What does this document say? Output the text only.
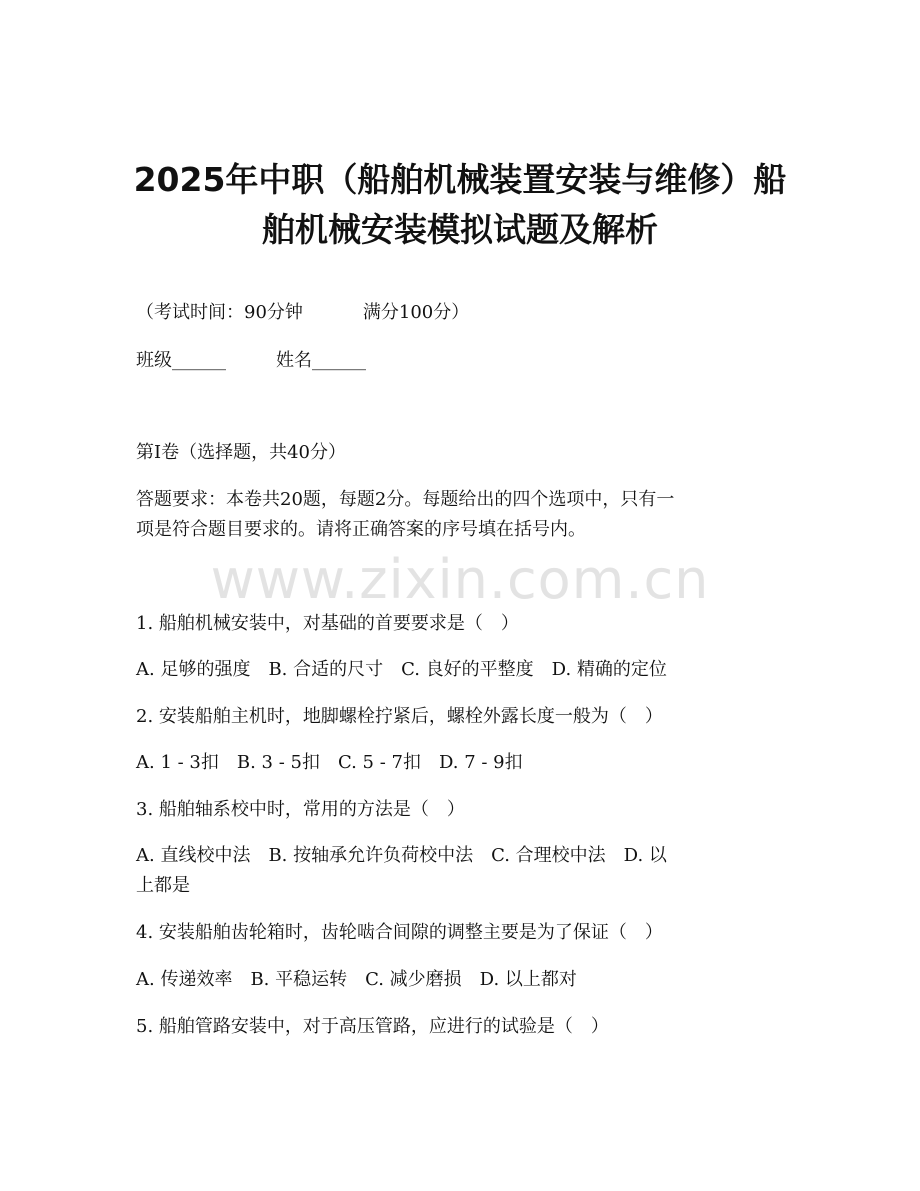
www.zixin.com.cn
2025年中职（船舶机械装置安装与维修）船
舶机械安装模拟试题及解析
（考试时间：90分钟	满分100分）
班级______	姓名______
第I卷（选择题，共40分）
答题要求：本卷共20题，每题2分。每题给出的四个选项中，只有一
项是符合题目要求的。请将正确答案的序号填在括号内。
1. 船舶机械安装中，对基础的首要要求是（　）
A. 足够的强度　B. 合适的尺寸　C. 良好的平整度　D. 精确的定位
2. 安装船舶主机时，地脚螺栓拧紧后，螺栓外露长度一般为（　）
A. 1 - 3扣　B. 3 - 5扣　C. 5 - 7扣　D. 7 - 9扣
3. 船舶轴系校中时，常用的方法是（　）
A. 直线校中法　B. 按轴承允许负荷校中法　C. 合理校中法　D. 以
上都是
4. 安装船舶齿轮箱时，齿轮啮合间隙的调整主要是为了保证（　）
A. 传递效率　B. 平稳运转　C. 减少磨损　D. 以上都对
5. 船舶管路安装中，对于高压管路，应进行的试验是（　）
